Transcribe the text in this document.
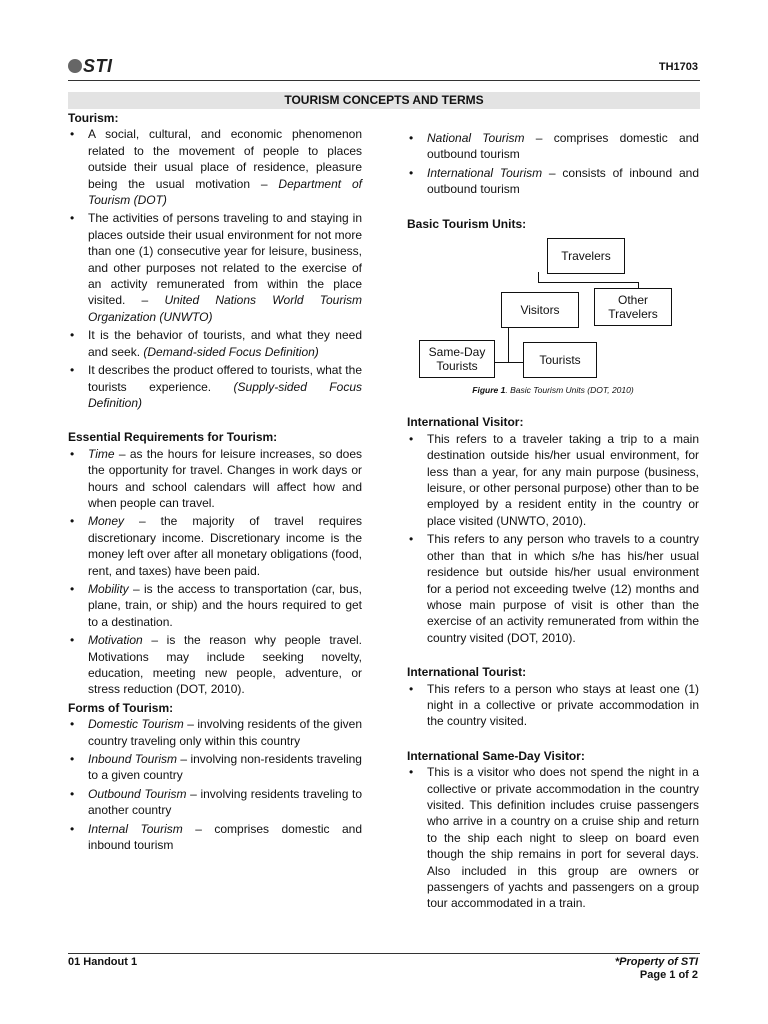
STI	TH1703
TOURISM CONCEPTS AND TERMS
Tourism:
• A social, cultural, and economic phenomenon related to the movement of people to places outside their usual place of residence, pleasure being the usual motivation – Department of Tourism (DOT)
• The activities of persons traveling to and staying in places outside their usual environment for not more than one (1) consecutive year for leisure, business, and other purposes not related to the exercise of an activity remunerated from within the place visited. – United Nations World Tourism Organization (UNWTO)
• It is the behavior of tourists, and what they need and seek. (Demand-sided Focus Definition)
• It describes the product offered to tourists, what the tourists experience. (Supply-sided Focus Definition)
Essential Requirements for Tourism:
• Time – as the hours for leisure increases, so does the opportunity for travel. Changes in work days or hours and school calendars will affect how and when people can travel.
• Money – the majority of travel requires discretionary income. Discretionary income is the money left over after all monetary obligations (food, rent, and taxes) have been paid.
• Mobility – is the access to transportation (car, bus, plane, train, or ship) and the hours required to get to a destination.
• Motivation – is the reason why people travel. Motivations may include seeking novelty, education, meeting new people, adventure, or stress reduction (DOT, 2010).
Forms of Tourism:
• Domestic Tourism – involving residents of the given country traveling only within this country
• Inbound Tourism – involving non-residents traveling to a given country
• Outbound Tourism – involving residents traveling to another country
• Internal Tourism – comprises domestic and inbound tourism
• National Tourism – comprises domestic and outbound tourism
• International Tourism – consists of inbound and outbound tourism
Basic Tourism Units:
Travelers
Visitors
Other Travelers
Same-Day Tourists	Tourists
Figure 1. Basic Tourism Units (DOT, 2010)
International Visitor:
• This refers to a traveler taking a trip to a main destination outside his/her usual environment, for less than a year, for any main purpose (business, leisure, or other personal purpose) other than to be employed by a resident entity in the country or place visited (UNWTO, 2010).
• This refers to any person who travels to a country other than that in which s/he has his/her usual residence but outside his/her usual environment for a period not exceeding twelve (12) months and whose main purpose of visit is other than the exercise of an activity remunerated from within the country visited (DOT, 2010).
International Tourist:
• This refers to a person who stays at least one (1) night in a collective or private accommodation in the country visited.
International Same-Day Visitor:
• This is a visitor who does not spend the night in a collective or private accommodation in the country visited. This definition includes cruise passengers who arrive in a country on a cruise ship and return to the ship each night to sleep on board even though the ship remains in port for several days. Also included in this group are owners or passengers of yachts and passengers on a group tour accommodated in a train.
01 Handout 1	*Property of STI
Page 1 of 2
